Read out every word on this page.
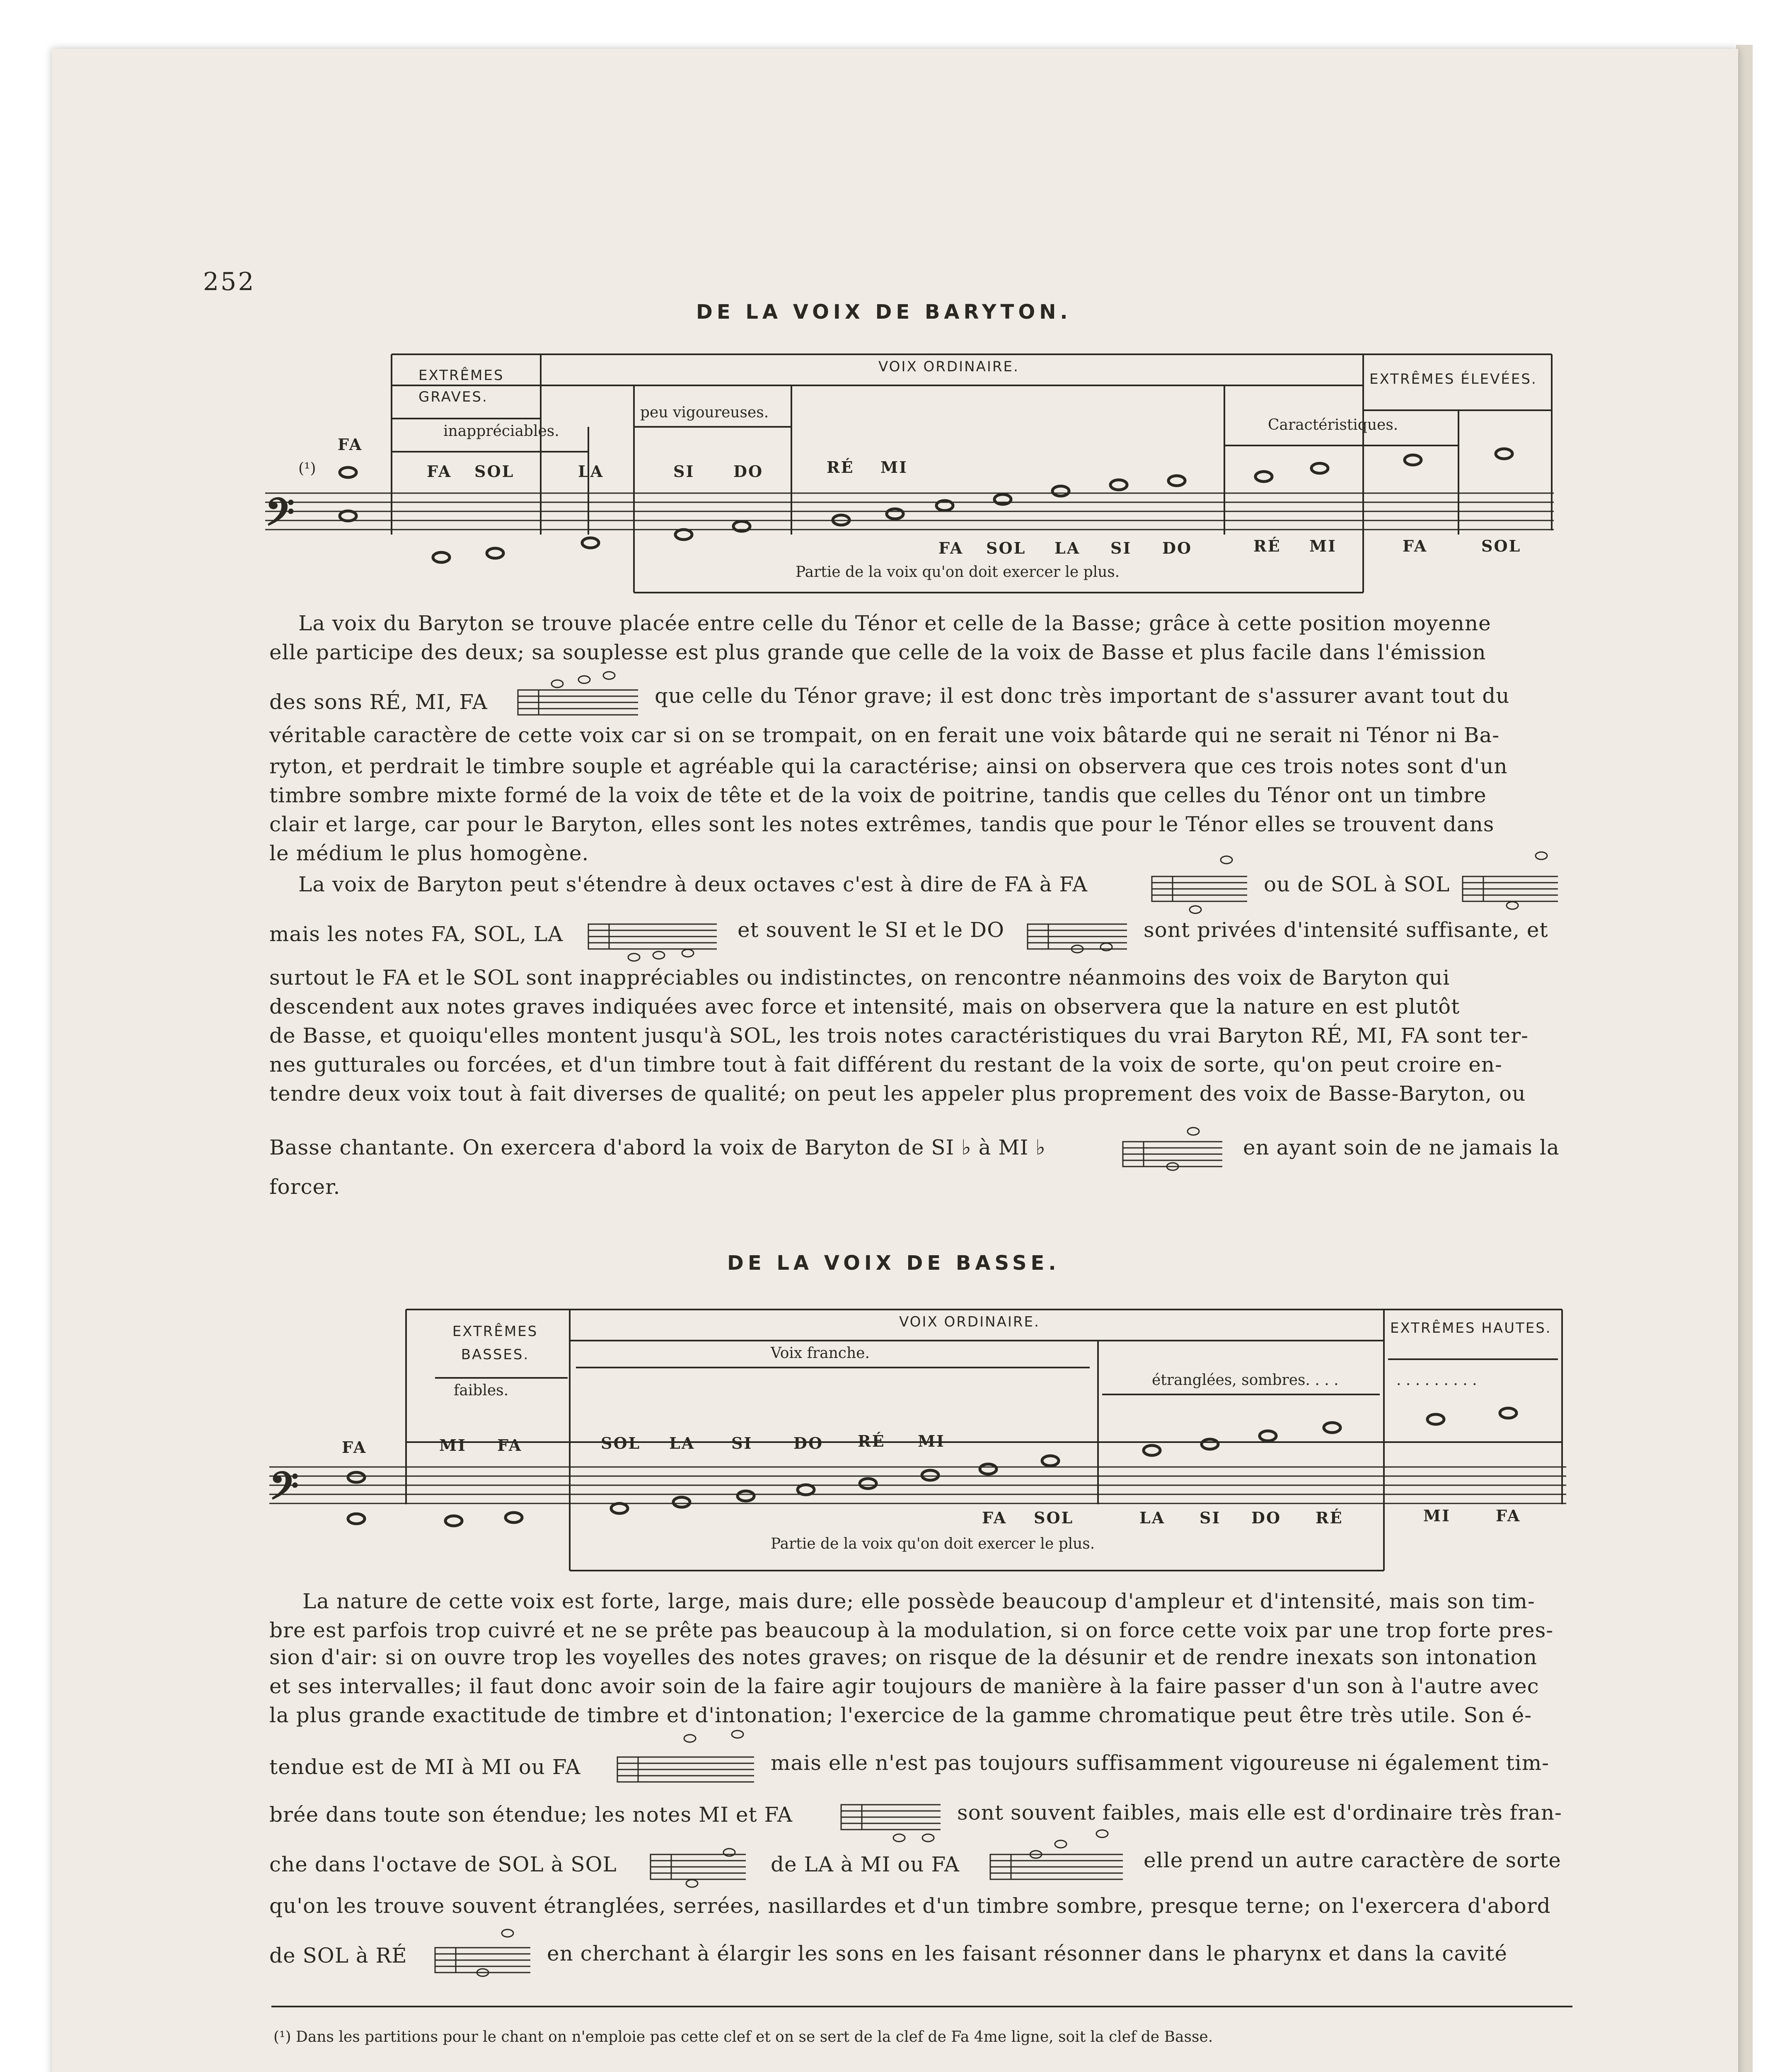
252
DE LA VOIX DE BARYTON.
𝄢
EXTRÊMES GRAVES.
VOIX ORDINAIRE.
EXTRÊMES ÉLEVÉES.
inappréciables.
peu vigoureuses.
Caractéristiques.
FA
(¹)	FA SOL	LA	SI DO	RÉ MI
FA SOL LA SI DO	RÉ MI	FA	SOL
Partie de la voix qu'on doit exercer le plus.
La voix du Baryton se trouve placée entre celle du Ténor et celle de la Basse; grâce à cette position moyenne
elle participe des deux; sa souplesse est plus grande que celle de la voix de Basse et plus facile dans l'émission
des sons RÉ, MI, FA	que celle du Ténor grave; il est donc très important de s'assurer avant tout du
véritable caractère de cette voix car si on se trompait, on en ferait une voix bâtarde qui ne serait ni Ténor ni Ba-
ryton, et perdrait le timbre souple et agréable qui la caractérise; ainsi on observera que ces trois notes sont d'un
timbre sombre mixte formé de la voix de tête et de la voix de poitrine, tandis que celles du Ténor ont un timbre
clair et large, car pour le Baryton, elles sont les notes extrêmes, tandis que pour le Ténor elles se trouvent dans
le médium le plus homogène.
La voix de Baryton peut s'étendre à deux octaves c'est à dire de FA à FA	ou de SOL à SOL
mais les notes FA, SOL, LA	et souvent le SI et le DO	sont privées d'intensité suffisante, et
surtout le FA et le SOL sont inappréciables ou indistinctes, on rencontre néanmoins des voix de Baryton qui
descendent aux notes graves indiquées avec force et intensité, mais on observera que la nature en est plutôt
de Basse, et quoiqu'elles montent jusqu'à SOL, les trois notes caractéristiques du vrai Baryton RÉ, MI, FA sont ter-
nes gutturales ou forcées, et d'un timbre tout à fait différent du restant de la voix de sorte, qu'on peut croire en-
tendre deux voix tout à fait diverses de qualité; on peut les appeler plus proprement des voix de Basse-Baryton, ou
Basse chantante. On exercera d'abord la voix de Baryton de SI ♭ à MI ♭	en ayant soin de ne jamais la
forcer.
DE LA VOIX DE BASSE.
𝄢
EXTRÊMES BASSES.
VOIX ORDINAIRE.	EXTRÊMES HAUTES.
faibles.
Voix franche.
étranglées, sombres. . . .	. . . . . . . . .
FA	MI FA	SOL LA SI	DO RÉ MI
FA SOL	LA SI DO RÉ	MI	FA
Partie de la voix qu'on doit exercer le plus.
La nature de cette voix est forte, large, mais dure; elle possède beaucoup d'ampleur et d'intensité, mais son tim-
bre est parfois trop cuivré et ne se prête pas beaucoup à la modulation, si on force cette voix par une trop forte pres-
sion d'air: si on ouvre trop les voyelles des notes graves; on risque de la désunir et de rendre inexats son intonation
et ses intervalles; il faut donc avoir soin de la faire agir toujours de manière à la faire passer d'un son à l'autre avec
la plus grande exactitude de timbre et d'intonation; l'exercice de la gamme chromatique peut être très utile. Son é-
tendue est de MI à MI ou FA	mais elle n'est pas toujours suffisamment vigoureuse ni également tim-
brée dans toute son étendue; les notes MI et FA	sont souvent faibles, mais elle est d'ordinaire très fran-
che dans l'octave de SOL à SOL	de LA à MI ou FA	elle prend un autre caractère de sorte
qu'on les trouve souvent étranglées, serrées, nasillardes et d'un timbre sombre, presque terne; on l'exercera d'abord
de SOL à RÉ	en cherchant à élargir les sons en les faisant résonner dans le pharynx et dans la cavité
(¹) Dans les partitions pour le chant on n'emploie pas cette clef et on se sert de la clef de Fa 4me ligne, soit la clef de Basse.
